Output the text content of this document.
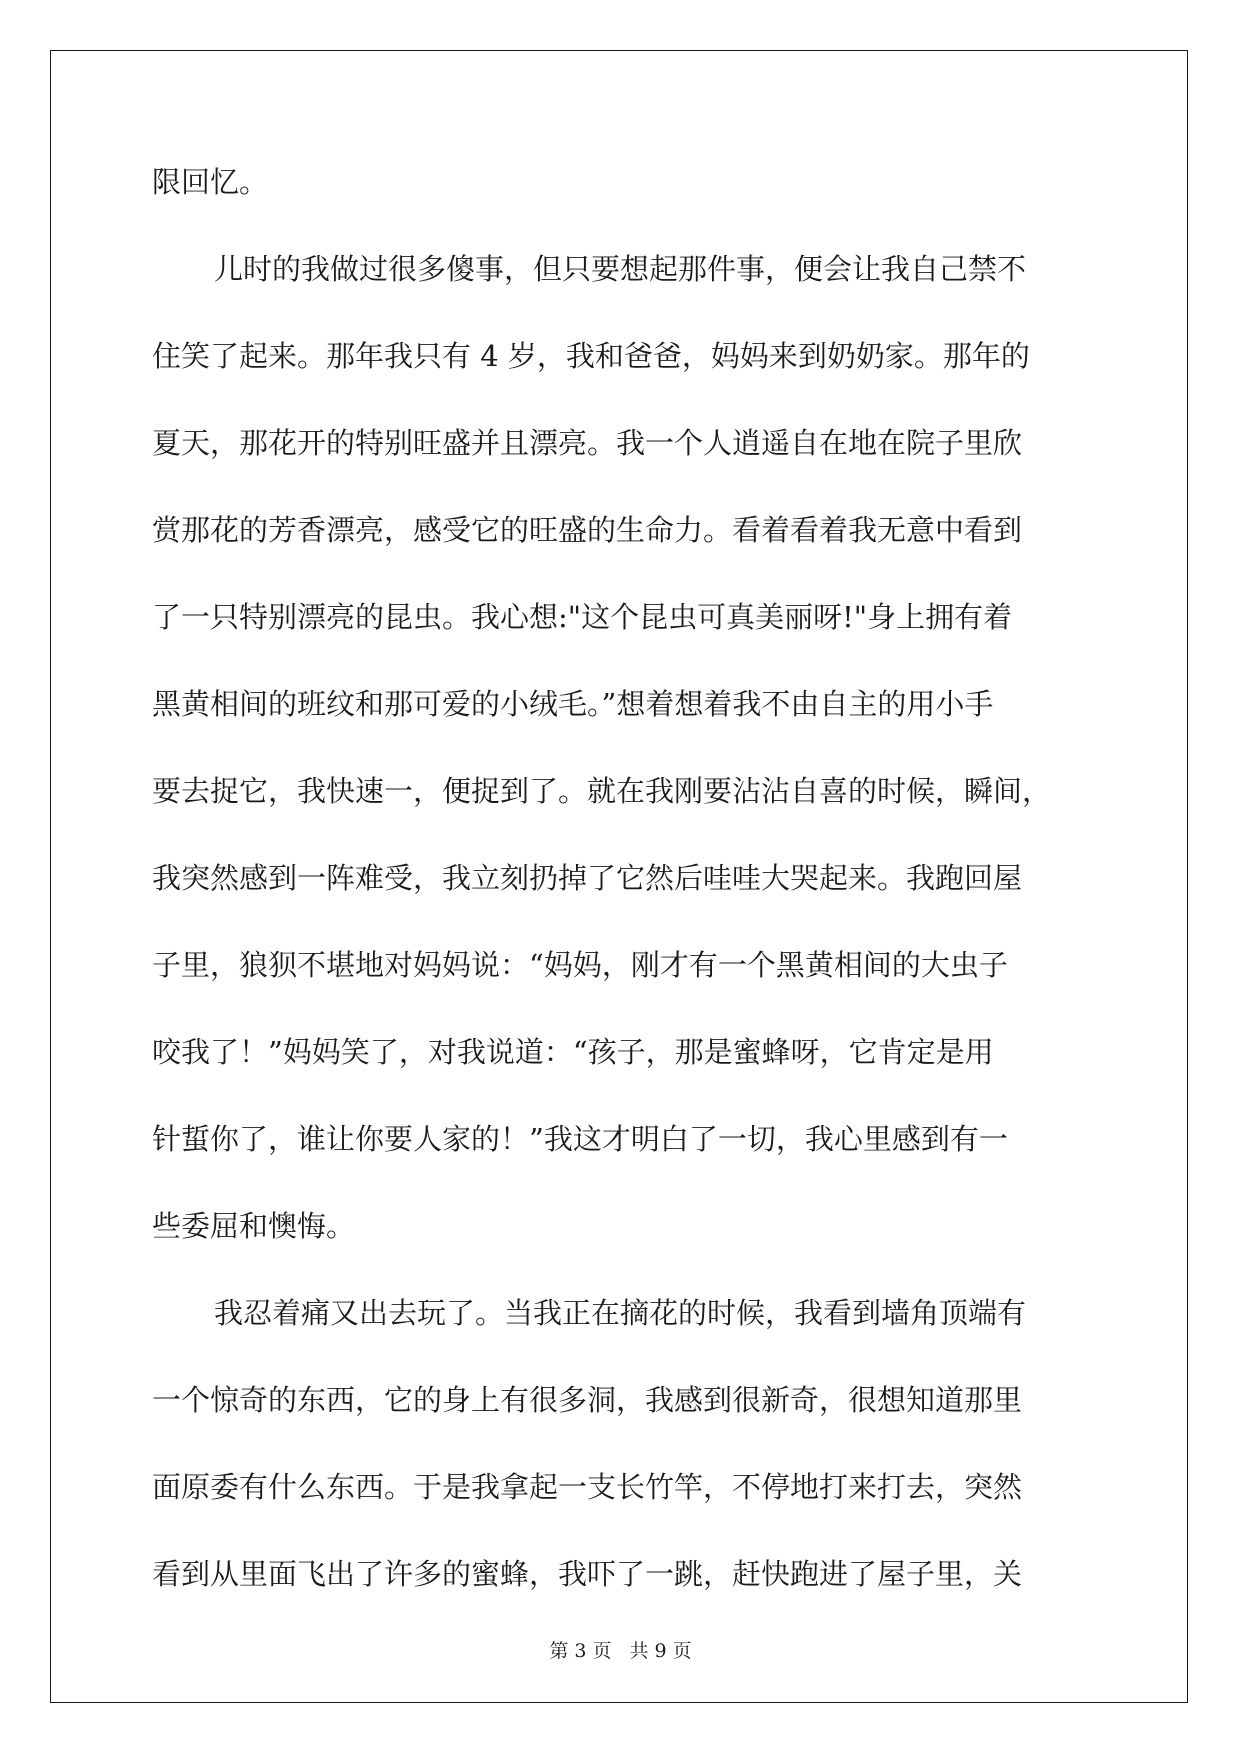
限回忆。
儿时的我做过很多傻事，但只要想起那件事，便会让我自己禁不
住笑了起来。那年我只有 4 岁，我和爸爸，妈妈来到奶奶家。那年的
夏天，那花开的特别旺盛并且漂亮。我一个人逍遥自在地在院子里欣
赏那花的芳香漂亮，感受它的旺盛的生命力。看着看着我无意中看到
了一只特别漂亮的昆虫。我心想:"这个昆虫可真美丽呀!"身上拥有着
黑黄相间的班纹和那可爱的小绒毛。”想着想着我不由自主的用小手
要去捉它，我快速一，便捉到了。就在我刚要沾沾自喜的时候，瞬间，
我突然感到一阵难受，我立刻扔掉了它然后哇哇大哭起来。我跑回屋
子里，狼狈不堪地对妈妈说：“妈妈，刚才有一个黑黄相间的大虫子
咬我了！”妈妈笑了，对我说道：“孩子，那是蜜蜂呀，它肯定是用
针蜇你了，谁让你要人家的！”我这才明白了一切，我心里感到有一
些委屈和懊悔。
我忍着痛又出去玩了。当我正在摘花的时候，我看到墙角顶端有
一个惊奇的东西，它的身上有很多洞，我感到很新奇，很想知道那里
面原委有什么东西。于是我拿起一支长竹竿，不停地打来打去，突然
看到从里面飞出了许多的蜜蜂，我吓了一跳，赶快跑进了屋子里，关
第 3 页 共 9 页
